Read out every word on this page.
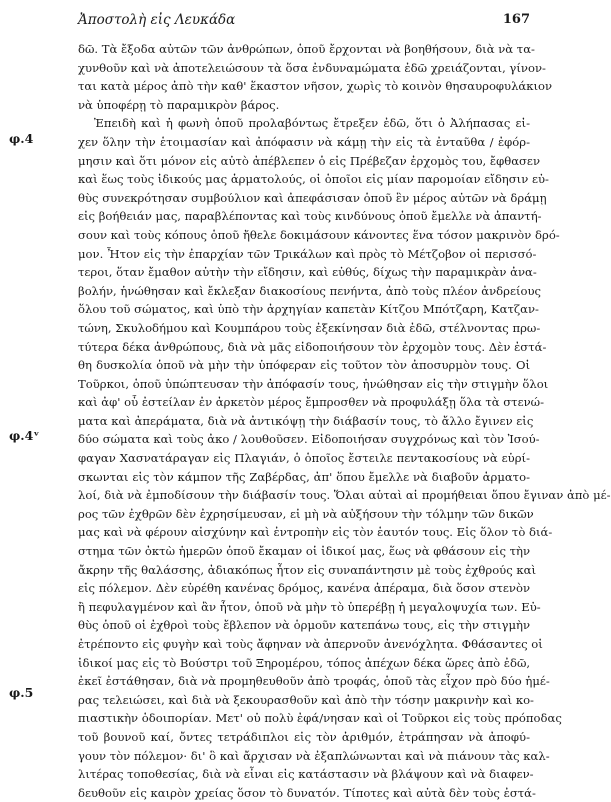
Ἀποστολὴ εἰς Λευκάδα	167
φ.4
φ.4ᵛ
φ.5
δῶ. Τὰ ἔξοδα αὐτῶν τῶν ἀνθρώπων, ὁποῦ ἔρχονται νὰ βοηθήσουν, διὰ νὰ τα-
χυνθοῦν καὶ νὰ ἀποτελειώσουν τὰ ὅσα ἐνδυναμώματα ἐδῶ χρειάζονται, γίνον-
ται κατὰ μέρος ἀπὸ τὴν καθ' ἕκαστον νῆσον, χωρὶς τὸ κοινὸν θησαυροφυλάκιον
νὰ ὑποφέρῃ τὸ παραμικρὸν βάρος.
Ἐπειδὴ καὶ ἡ φωνὴ ὁποῦ προλαβόντως ἔτρεξεν ἐδῶ, ὅτι ὁ Ἀλήπασας εἰ-
χεν ὅλην τὴν ἑτοιμασίαν καὶ ἀπόφασιν νὰ κάμῃ τὴν εἰς τὰ ἐνταῦθα / ἐφόρ-
μησιν καὶ ὅτι μόνον εἰς αὐτὸ ἀπέβλεπεν ὁ εἰς Πρέβεζαν ἐρχομὸς του, ἔφθασεν
καὶ ἕως τοὺς ἰδικούς μας ἁρματολούς, οἱ ὁποῖοι εἰς μίαν παρομοίαν εἴδησιν εὐ-
θὺς συνεκρότησαν συμβούλιον καὶ ἀπεφάσισαν ὁποῦ ἓν μέρος αὐτῶν νὰ δράμῃ
εἰς βοήθειάν μας, παραβλέποντας καὶ τοὺς κινδύνους ὁποῦ ἔμελλε νὰ ἀπαντή-
σουν καὶ τοὺς κόπους ὁποῦ ἤθελε δοκιμάσουν κάνοντες ἕνα τόσον μακρινὸν δρό-
μον. Ἦτον εἰς τὴν ἐπαρχίαν τῶν Τρικάλων καὶ πρὸς τὸ Μέτζοβον οἱ περισσό-
τεροι, ὅταν ἔμαθον αὐτὴν τὴν εἴδησιν, καὶ εὐθύς, δίχως τὴν παραμικρὰν ἀνα-
βολήν, ἡνώθησαν καὶ ἔκλεξαν διακοσίους πενήντα, ἀπὸ τοὺς πλέον ἀνδρείους
ὅλου τοῦ σώματος, καὶ ὑπὸ τὴν ἀρχηγίαν καπετὰν Κίτζου Μπότζαρη, Κατζαν-
τώνη, Σκυλοδήμου καὶ Κουμπάρου τοὺς ἐξεκίνησαν διὰ ἐδῶ, στέλνοντας πρω-
τύτερα δέκα ἀνθρώπους, διὰ νὰ μᾶς εἰδοποιήσουν τὸν ἐρχομὸν τους. Δὲν ἐστά-
θη δυσκολία ὁποῦ νὰ μὴν τὴν ὑπόφεραν εἰς τοῦτον τὸν ἀποσυρμὸν τους. Οἱ
Τοῦρκοι, ὁποῦ ὑπώπτευσαν τὴν ἀπόφασίν τους, ἡνώθησαν εἰς τὴν στιγμὴν ὅλοι
καὶ ἀφ' οὗ ἐστείλαν ἐν ἀρκετὸν μέρος ἔμπροσθεν νὰ προφυλάξῃ ὅλα τὰ στενώ-
ματα καὶ ἀπεράματα, διὰ νὰ ἀντικόψῃ τὴν διάβασίν τους, τὸ ἄλλο ἔγινεν εἰς
δύο σώματα καὶ τοὺς ἀκο / λουθοῦσεν. Εἰδοποιήσαν συγχρόνως καὶ τὸν Ἰσού-
φαγαν Χασνατάραγαν εἰς Πλαγιάν, ὁ ὁποῖος ἔστειλε πεντακοσίους νὰ εὑρί-
σκωνται εἰς τὸν κάμπον τῆς Ζαβέρδας, ἀπ' ὅπου ἔμελλε νὰ διαβοῦν ἁρματο-
λοί, διὰ νὰ ἐμποδίσουν τὴν διάβασίν τους. Ὅλαι αὐταὶ αἱ προμήθειαι ὅπου ἔγιναν ἀπὸ μέ-
ρος τῶν ἐχθρῶν δὲν ἐχρησίμευσαν, εἰ μὴ νὰ αὐξήσουν τὴν τόλμην τῶν δικῶν
μας καὶ νὰ φέρουν αἰσχύνην καὶ ἐντροπὴν εἰς τὸν ἑαυτόν τους. Εἰς ὅλον τὸ διά-
στημα τῶν ὀκτὼ ἡμερῶν ὁποῦ ἔκαμαν οἱ ἰδικοί μας, ἕως νὰ φθάσουν εἰς τὴν
ἄκρην τῆς θαλάσσης, ἀδιακόπως ἦτον εἰς συναπάντησιν μὲ τοὺς ἐχθρούς καὶ
εἰς πόλεμον. Δὲν εὑρέθη κανένας δρόμος, κανένα ἀπέραμα, διὰ ὅσον στενὸν
ἢ πεφυλαγμένον καὶ ἂν ἦτον, ὁποῦ νὰ μὴν τὸ ὑπερέβῃ ἡ μεγαλοψυχία των. Εὐ-
θὺς ὁποῦ οἱ ἐχθροὶ τοὺς ἔβλεπον νὰ ὁρμοῦν κατεπάνω τους, εἰς τὴν στιγμὴν
ἐτρέποντο εἰς φυγὴν καὶ τοὺς ἄφηναν νὰ ἀπερνοῦν ἀνενόχλητα. Φθάσαντες οἱ
ἰδικοί μας εἰς τὸ Βούστρι τοῦ Ξηρομέρου, τόπος ἀπέχων δέκα ὥρες ἀπὸ ἐδῶ,
ἐκεῖ ἐστάθησαν, διὰ νὰ προμηθευθοῦν ἀπὸ τροφάς, ὁποῦ τὰς εἶχον πρὸ δύο ἡμέ-
ρας τελειώσει, καὶ διὰ νὰ ξεκουρασθοῦν καὶ ἀπὸ τὴν τόσην μακρινὴν καὶ κο-
πιαστικὴν ὁδοιπορίαν. Μετ' οὐ πολὺ ἐφά/νησαν καὶ οἱ Τοῦρκοι εἰς τοὺς πρόποδας
τοῦ βουνοῦ καί, ὄντες τετράδιπλοι εἰς τὸν ἀριθμόν, ἐτράπησαν νὰ ἀποφύ-
γουν τὸν πόλεμον· δι' ὃ καὶ ἄρχισαν νὰ ἐξαπλώνωνται καὶ νὰ πιάνουν τὰς καλ-
λιτέρας τοποθεσίας, διὰ νὰ εἶναι εἰς κατάστασιν νὰ βλάψουν καὶ νὰ διαφεν-
δευθοῦν εἰς καιρὸν χρείας ὅσον τὸ δυνατόν. Τίποτες καὶ αὐτὰ δὲν τοὺς ἐστά-
